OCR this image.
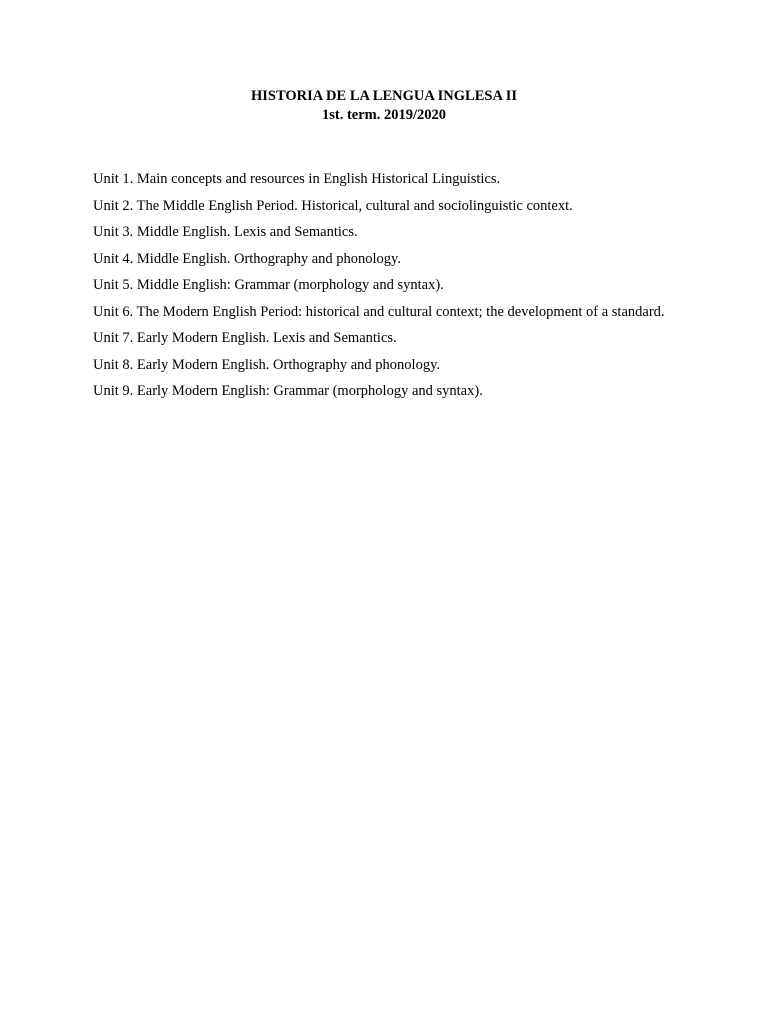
HISTORIA DE LA LENGUA INGLESA II
1st. term. 2019/2020
Unit 1. Main concepts and resources in English Historical Linguistics.
Unit 2. The Middle English Period. Historical, cultural and sociolinguistic context.
Unit 3. Middle English. Lexis and Semantics.
Unit 4. Middle English. Orthography and phonology.
Unit 5. Middle English: Grammar (morphology and syntax).
Unit 6. The Modern English Period: historical and cultural context; the development of a standard.
Unit 7. Early Modern English. Lexis and Semantics.
Unit 8. Early Modern English. Orthography and phonology.
Unit 9. Early Modern English: Grammar (morphology and syntax).
